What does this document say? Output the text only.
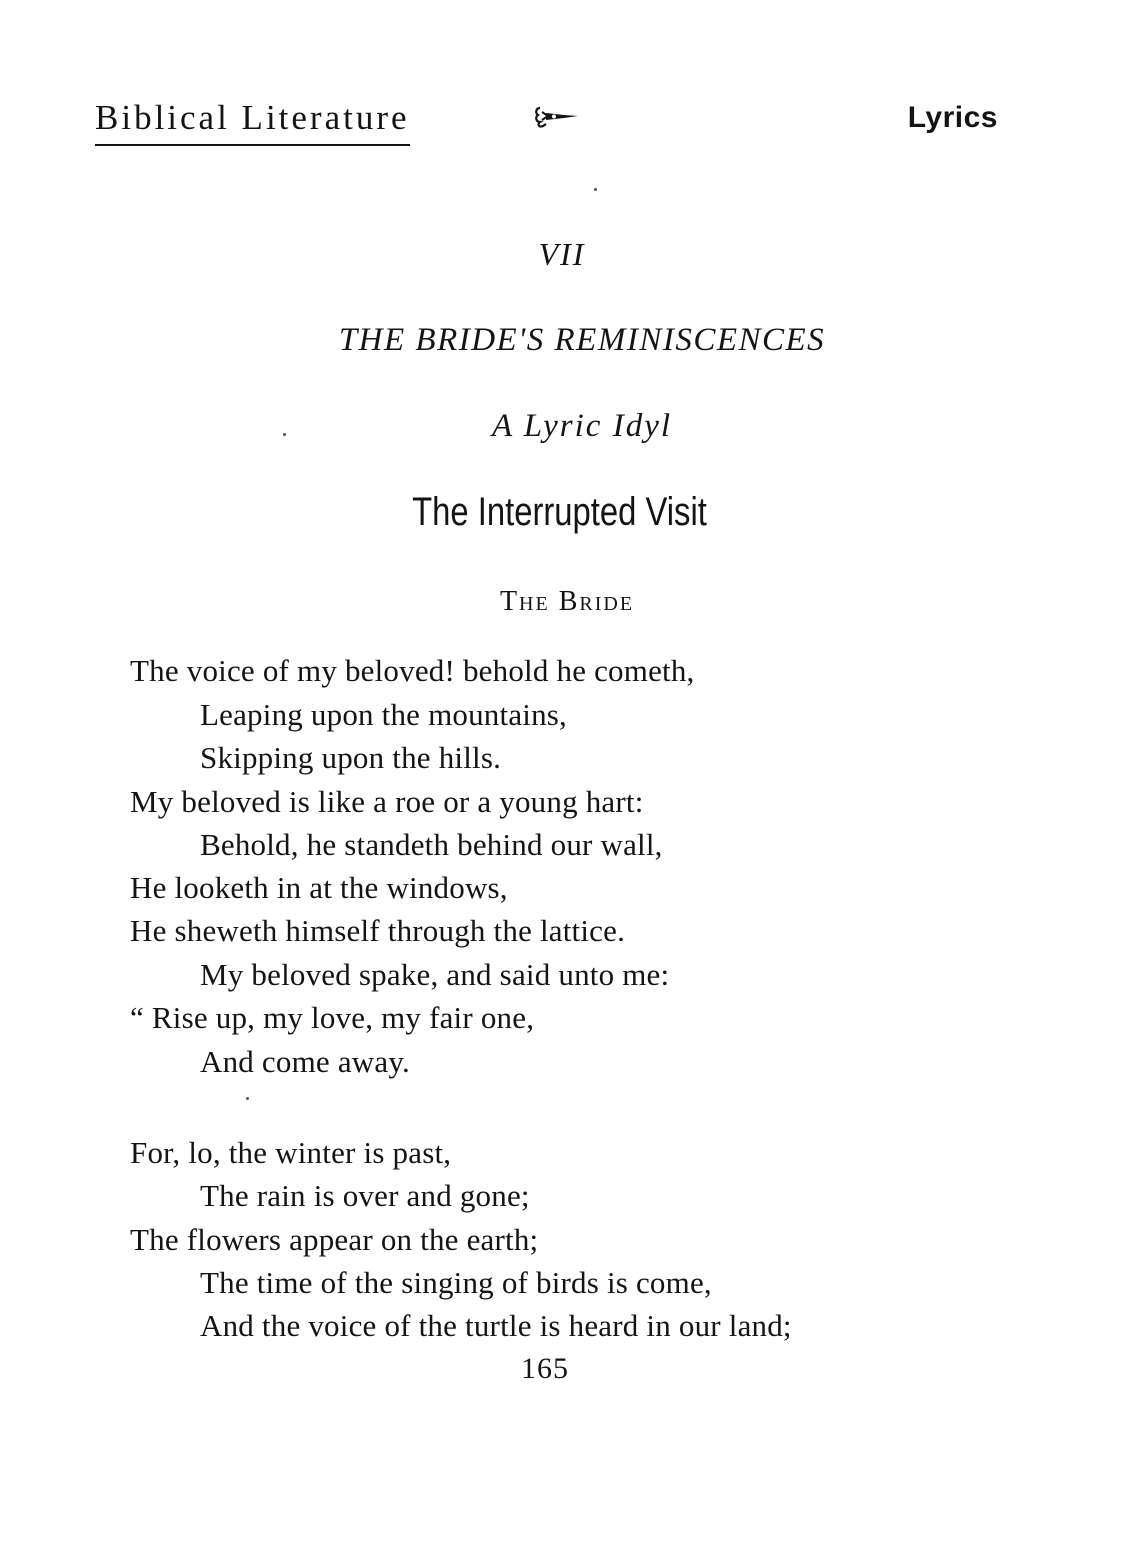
Biblical Literature	Lyrics
VII
THE BRIDE'S REMINISCENCES
A Lyric Idyl
The Interrupted Visit
The Bride
The voice of my beloved! behold he cometh,
Leaping upon the mountains,
Skipping upon the hills.
My beloved is like a roe or a young hart:
Behold, he standeth behind our wall,
He looketh in at the windows,
He sheweth himself through the lattice.
My beloved spake, and said unto me:
“ Rise up, my love, my fair one,
And come away.
For, lo, the winter is past,
The rain is over and gone;
The flowers appear on the earth;
The time of the singing of birds is come,
And the voice of the turtle is heard in our land;
165
